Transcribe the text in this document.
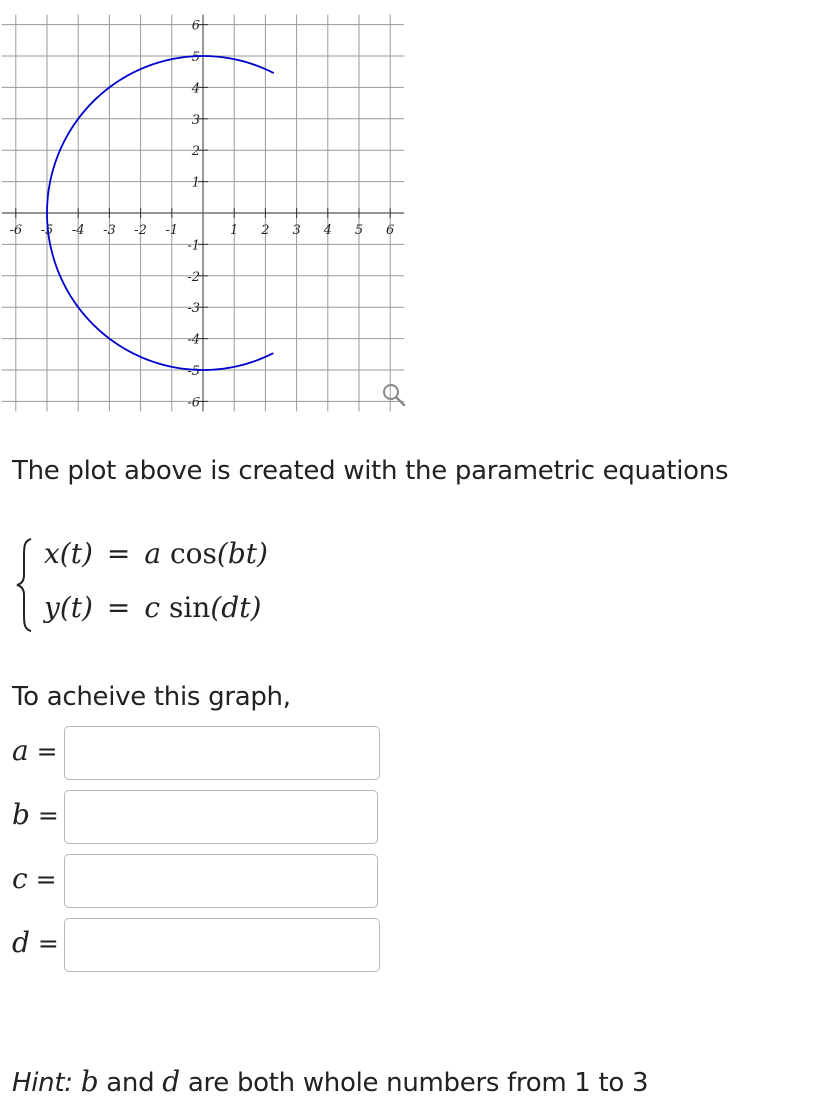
-6 -5 -4 -3 -2 -1	1 2 3 4 5 6
6
5
4
3
2
1
-1
-2
-3
-4
-5
-6
The plot above is created with the parametric equations
x(t) = a cos(bt)
y(t) = c sin(dt)
To acheive this graph,
a =
b =
c =
d =
Hint: b and d are both whole numbers from 1 to 3
